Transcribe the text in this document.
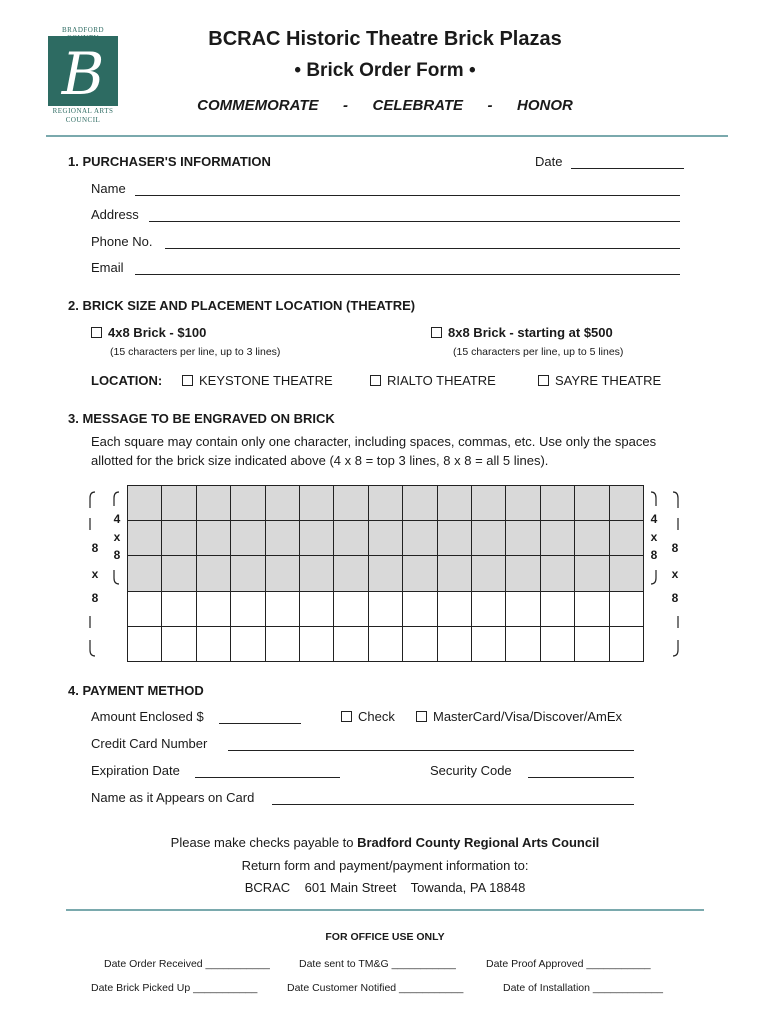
BRADFORD
B
REGIONAL ARTS
COUNCIL
BCRAC Historic Theatre Brick Plazas
• Brick Order Form •
COMMEMORATE   -   CELEBRATE   -   HONOR
1. PURCHASER'S INFORMATION	Date
Name
Address
Phone No.
Email
2. BRICK SIZE AND PLACEMENT LOCATION (THEATRE)
4x8 Brick - $100
(15 characters per line, up to 3 lines)
8x8 Brick - starting at $500
(15 characters per line, up to 5 lines)
LOCATION:	KEYSTONE THEATRE	RIALTO THEATRE	SAYRE THEATRE
3. MESSAGE TO BE ENGRAVED ON BRICK
Each square may contain only one character, including spaces, commas, etc. Use only the spaces
allotted for the brick size indicated above (4 x 8 = top 3 lines, 8 x 8 = all 5 lines).
8
x
8
4
x
8
4
x
8	8
x
8
4. PAYMENT METHOD
Amount Enclosed $	Check	MasterCard/Visa/Discover/AmEx
Credit Card Number
Expiration Date	Security Code
Name as it Appears on Card
Please make checks payable to Bradford County Regional Arts Council
Return form and payment/payment information to:
BCRAC    601 Main Street    Towanda, PA 18848
FOR OFFICE USE ONLY
Date Order Received ___________	Date sent to TM&G ___________	Date Proof Approved ___________
Date Brick Picked Up ___________	Date Customer Notified ___________	Date of Installation ____________
